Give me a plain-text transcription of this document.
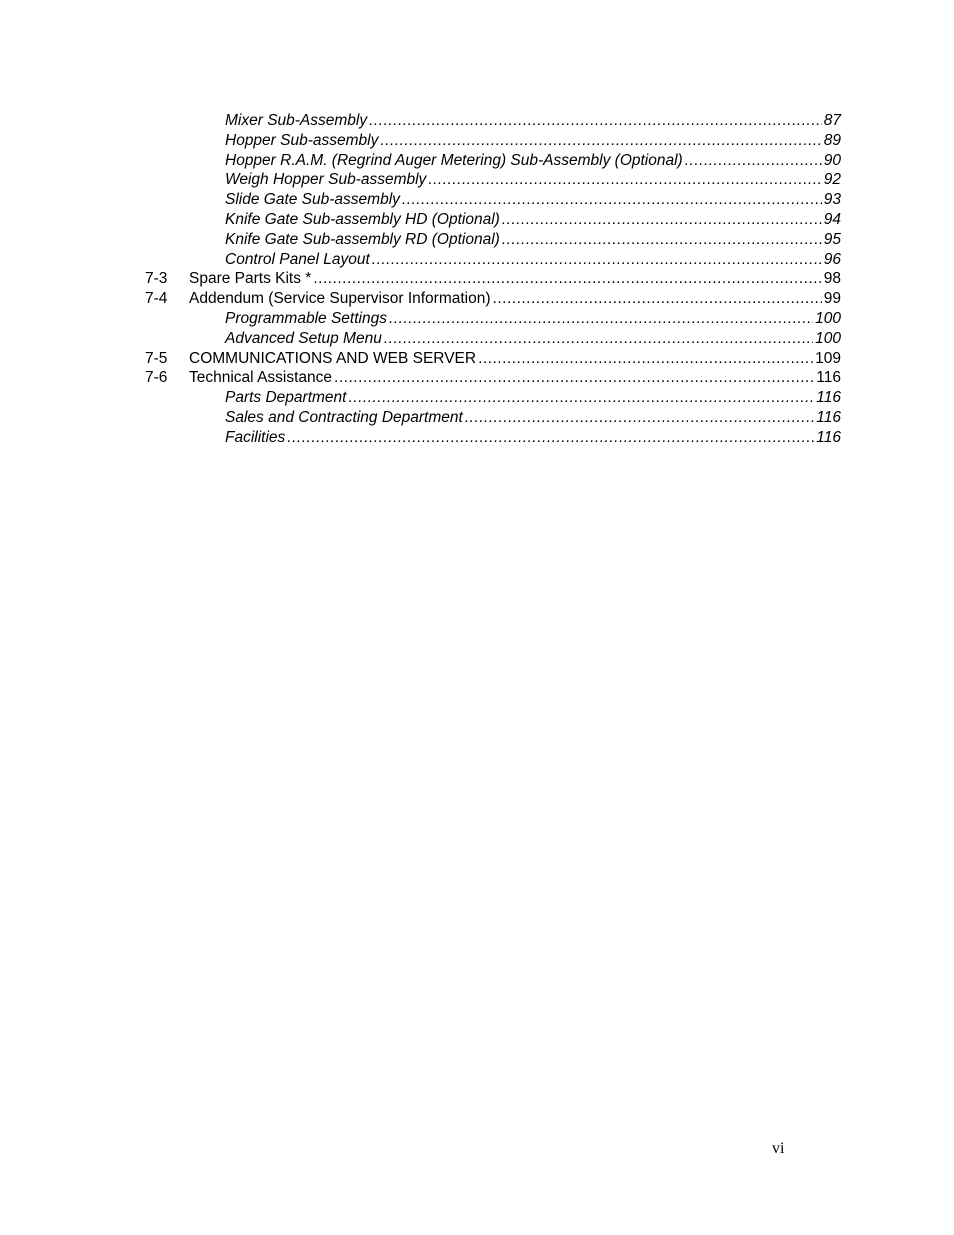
Mixer Sub-Assembly .....	87
Hopper Sub-assembly .....	89
Hopper R.A.M. (Regrind Auger Metering) Sub-Assembly (Optional) .....	90
Weigh Hopper Sub-assembly .....	92
Slide Gate Sub-assembly .....	93
Knife Gate Sub-assembly HD (Optional) .....	94
Knife Gate Sub-assembly RD (Optional) .....	95
Control Panel Layout .....	96
7-3	Spare Parts Kits * .....	98
7-4	Addendum (Service Supervisor Information) .....	99
Programmable Settings .....	100
Advanced Setup Menu .....	100
7-5	COMMUNICATIONS AND WEB SERVER .....	109
7-6	Technical Assistance .....	116
Parts Department .....	116
Sales and Contracting Department .....	116
Facilities .....	116
vi
